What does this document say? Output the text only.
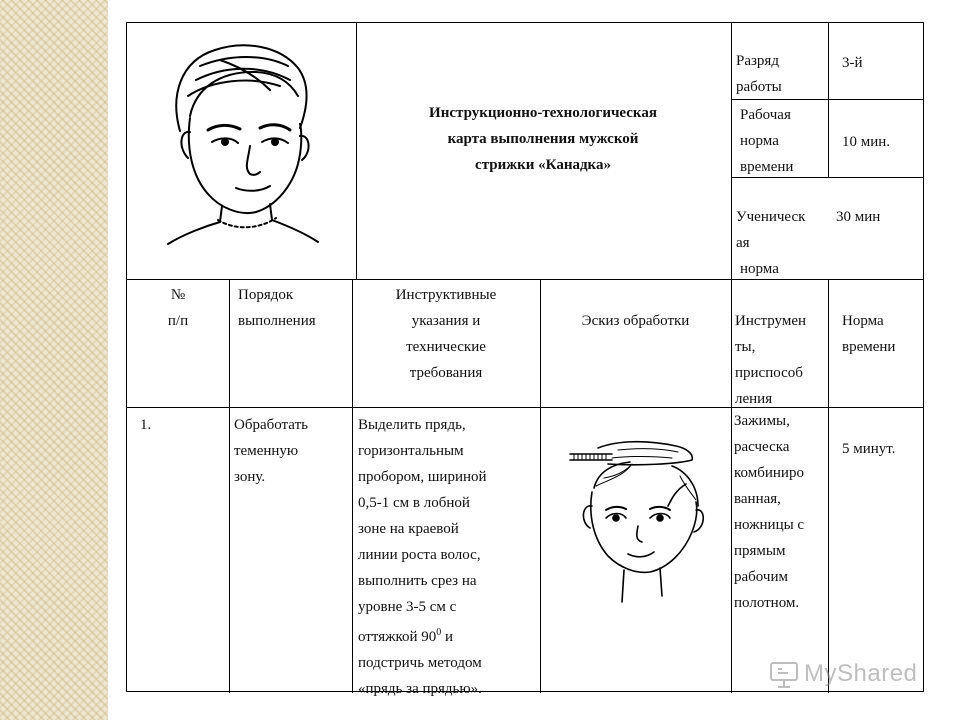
Инструкционно-технологическая
карта выполнения мужской
стрижки «Канадка»
Разряд
работы
3-й
Рабочая
норма
времени
10 мин.
Ученическ
ая
норма
30 мин
№
п/п
Порядок
выполнения
Инструктивные
указания и
технические
требования
Эскиз обработки	Инструмен
ты,
приспособ
ления
Норма
времени
1.	Обработать
теменную
зону.
Выделить прядь,
горизонтальным
пробором, шириной
0,5-1 см в лобной
зоне на краевой
линии роста волос,
выполнить срез на
уровне 3-5 см с
оттяжкой $90^0$ и
подстричь методом
«прядь за прядью».
Зажимы,
расческа
комбиниро
ванная,
ножницы с
прямым
рабочим
полотном.
5 минут.
MyShared
